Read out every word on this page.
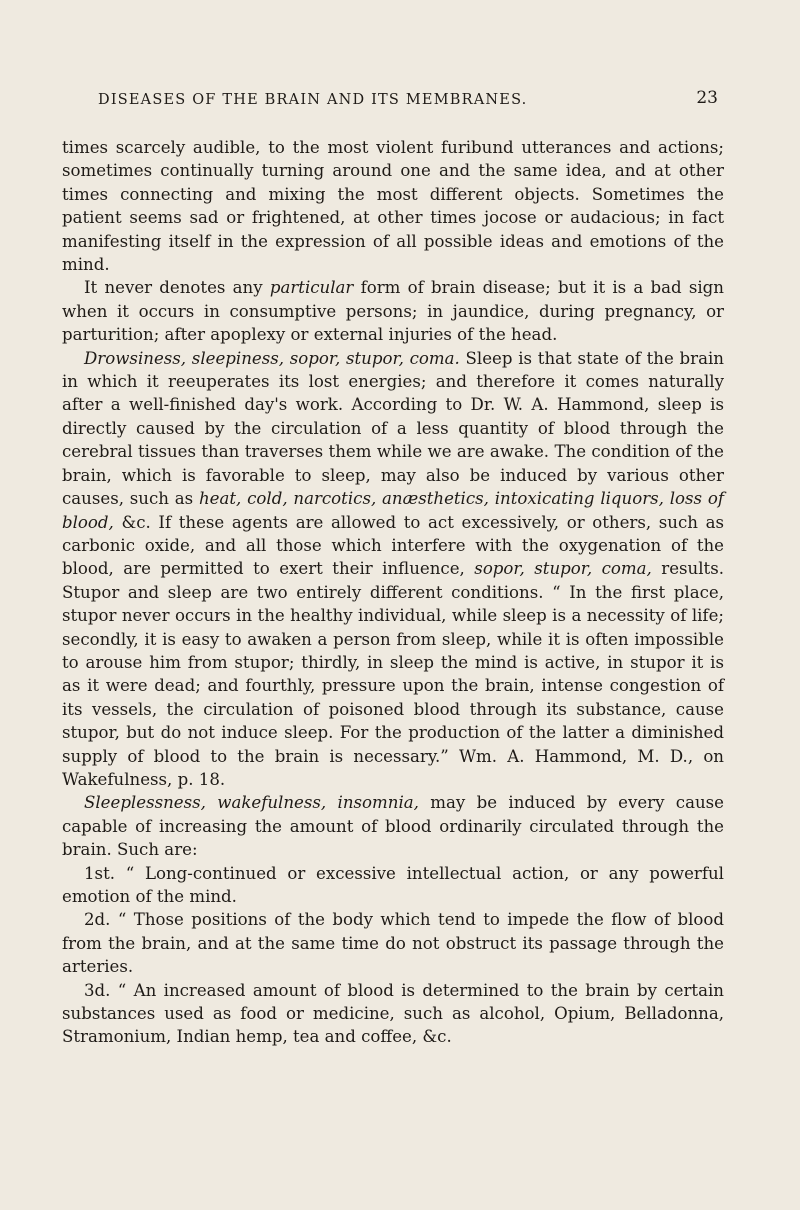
DISEASES OF THE BRAIN AND ITS MEMBRANES.	23

times scarcely audible, to the most violent furibund utterances and actions; sometimes continually turning around one and the same idea, and at other times connecting and mixing the most different objects. Sometimes the patient seems sad or frightened, at other times jocose or audacious; in fact manifesting itself in the expression of all possible ideas and emotions of the mind.

It never denotes any particular form of brain disease; but it is a bad sign when it occurs in consumptive persons; in jaundice, during pregnancy, or parturition; after apoplexy or external injuries of the head.

Drowsiness, sleepiness, sopor, stupor, coma. Sleep is that state of the brain in which it reeuperates its lost energies; and therefore it comes naturally after a well-finished day's work. According to Dr. W. A. Hammond, sleep is directly caused by the circulation of a less quantity of blood through the cerebral tissues than traverses them while we are awake. The condition of the brain, which is favorable to sleep, may also be induced by various other causes, such as heat, cold, narcotics, anæsthetics, intoxicating liquors, loss of blood, &c. If these agents are allowed to act excessively, or others, such as carbonic oxide, and all those which interfere with the oxygenation of the blood, are permitted to exert their influence, sopor, stupor, coma, results. Stupor and sleep are two entirely different conditions. “ In the first place, stupor never occurs in the healthy individual, while sleep is a necessity of life; secondly, it is easy to awaken a person from sleep, while it is often impossible to arouse him from stupor; thirdly, in sleep the mind is active, in stupor it is as it were dead; and fourthly, pressure upon the brain, intense congestion of its vessels, the circulation of poisoned blood through its substance, cause stupor, but do not induce sleep. For the production of the latter a diminished supply of blood to the brain is necessary.” Wm. A. Hammond, M. D., on Wakefulness, p. 18.

Sleeplessness, wakefulness, insomnia, may be induced by every cause capable of increasing the amount of blood ordinarily circulated through the brain. Such are:

1st. “ Long-continued or excessive intellectual action, or any powerful emotion of the mind.

2d. “ Those positions of the body which tend to impede the flow of blood from the brain, and at the same time do not obstruct its passage through the arteries.

3d. “ An increased amount of blood is determined to the brain by certain substances used as food or medicine, such as alcohol, Opium, Belladonna, Stramonium, Indian hemp, tea and coffee, &c.
